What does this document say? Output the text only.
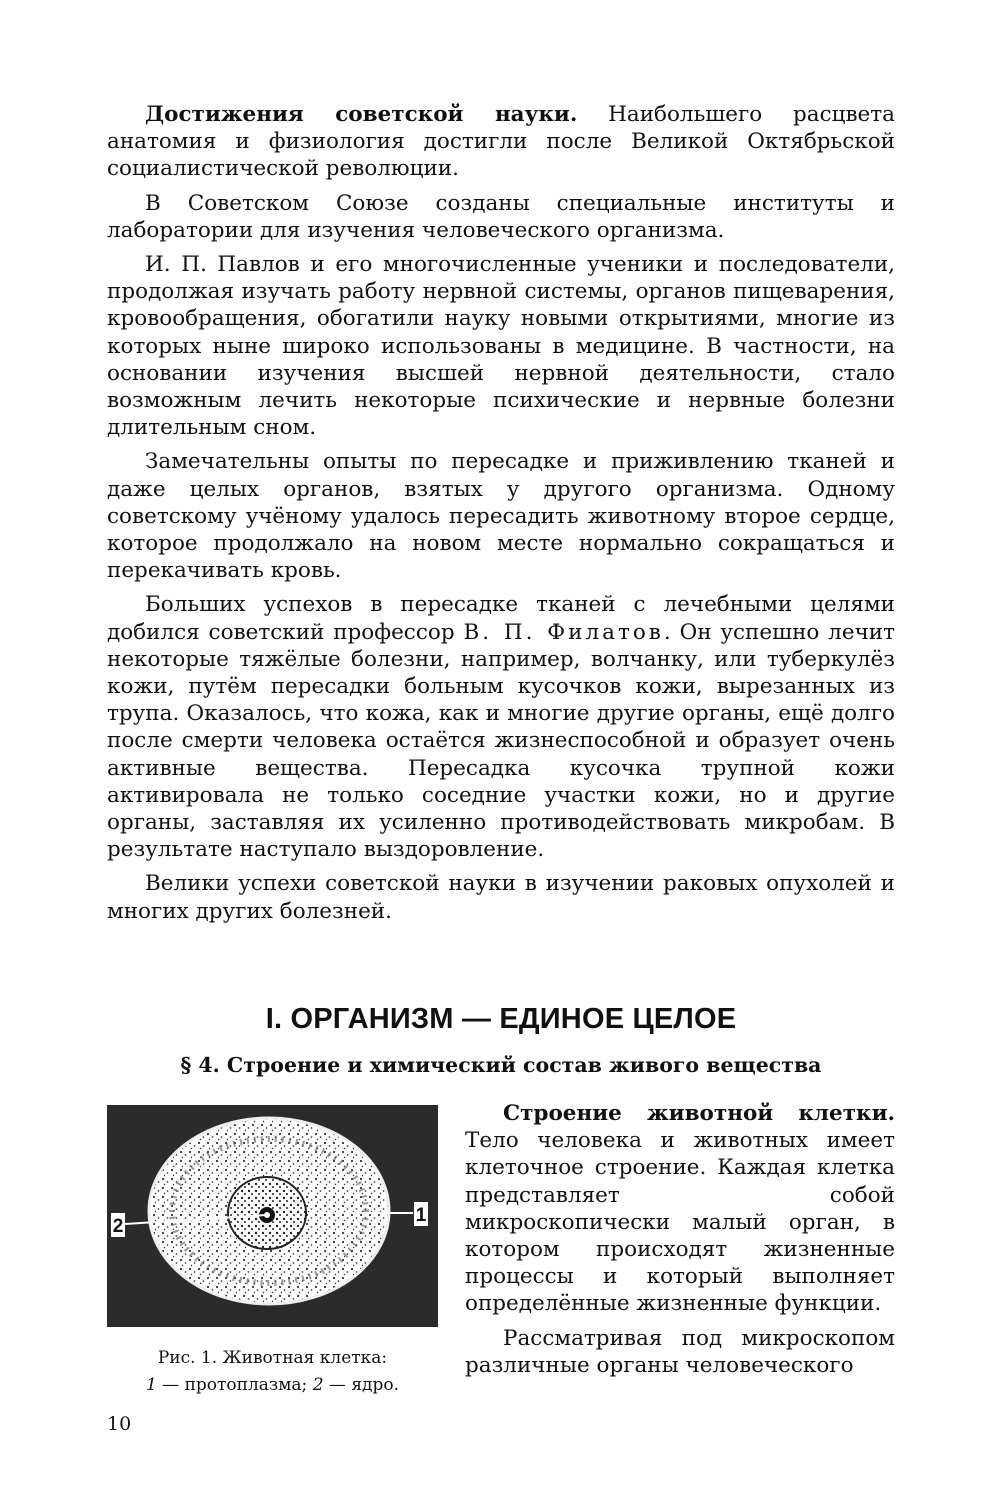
Достижения советской науки. Наибольшего расцвета анатомия и физиология достигли после Великой Октябрьской социалистической революции.

В Советском Союзе созданы специальные институты и лаборатории для изучения человеческого организма.

И. П. Павлов и его многочисленные ученики и последователи, продолжая изучать работу нервной системы, органов пищеварения, кровообращения, обогатили науку новыми открытиями, многие из которых ныне широко использованы в медицине. В частности, на основании изучения высшей нервной деятельности, стало возможным лечить некоторые психические и нервные болезни длительным сном.

Замечательны опыты по пересадке и приживлению тканей и даже целых органов, взятых у другого организма. Одному советскому учёному удалось пересадить животному второе сердце, которое продолжало на новом месте нормально сокращаться и перекачивать кровь.

Больших успехов в пересадке тканей с лечебными целями добился советский профессор В. П. Филатов. Он успешно лечит некоторые тяжёлые болезни, например, волчанку, или туберкулёз кожи, путём пересадки больным кусочков кожи, вырезанных из трупа. Оказалось, что кожа, как и многие другие органы, ещё долго после смерти человека остаётся жизнеспособной и образует очень активные вещества. Пересадка кусочка трупной кожи активировала не только соседние участки кожи, но и другие органы, заставляя их усиленно противодействовать микробам. В результате наступало выздоровление.

Велики успехи советской науки в изучении раковых опухолей и многих других болезней.

I. ОРГАНИЗМ — ЕДИНОЕ ЦЕЛОЕ
§ 4. Строение и химический состав живого вещества
2
1
Рис. 1. Животная клетка:
1 — протоплазма; 2 — ядро.

Строение животной клетки. Тело человека и животных имеет клеточное строение. Каждая клетка представляет собой микроскопически малый орган, в котором происходят жизненные процессы и который выполняет определённые жизненные функции.

Рассматривая под микроскопом различные органы человеческого

10
